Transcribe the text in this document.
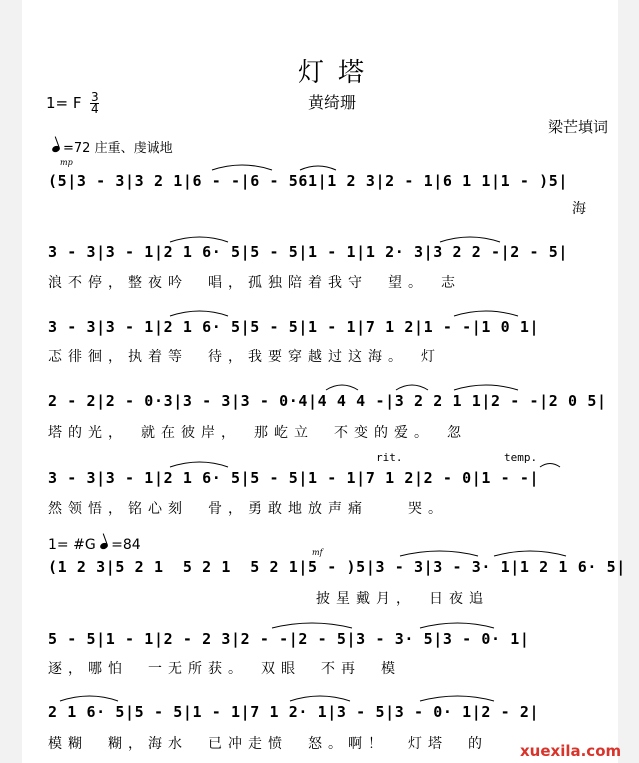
灯塔
黄绮珊
梁芒填词
1= F $\frac{3}{4}$
=72 庄重、虔诚地
mp
mf
(5|3 - 3|3 2 1|6 - -|6 - 561|1 2 3|2 - 1|6 1 1|1 - )5|
海
3 - 3|3 - 1|2 1 6· 5|5 - 5|1 - 1|1 2· 3|3 2 2 -|2 - 5|
浪不停，整夜吟　唱，孤独陪着我守　望。　志
3 - 3|3 - 1|2 1 6· 5|5 - 5|1 - 1|7 1 2|1 - -|1 0 1|
忑徘徊，执着等　待，我要穿越过这海。　灯
2 - 2|2 - 0·3|3 - 3|3 - 0·4|4 4 4 -|3 2 2 1 1|2 - -|2 0 5|
塔的光，　就在彼岸，　那屹立　不变的爱。　忽
rit.	temp.
3 - 3|3 - 1|2 1 6· 5|5 - 5|1 - 1|7 1 2|2 - 0|1 - -|
然领悟，铭心刻　骨，勇敢地放声痛　　哭。
1= #G =84
(1 2 3|5 2 1  5 2 1  5 2 1|5 - )5|3 - 3|3 - 3· 1|1 2 1 6· 5|
披星戴月，　日夜追
5 - 5|1 - 1|2 - 2 3|2 - -|2 - 5|3 - 3· 5|3 - 0· 1|
逐，哪怕　一无所获。　双眼　不再　模
2 1 6· 5|5 - 5|1 - 1|7 1 2· 1|3 - 5|3 - 0· 1|2 - 2|
模糊　糊，海水　已冲走愤　怒。啊！　灯塔　的 xuexila.com
